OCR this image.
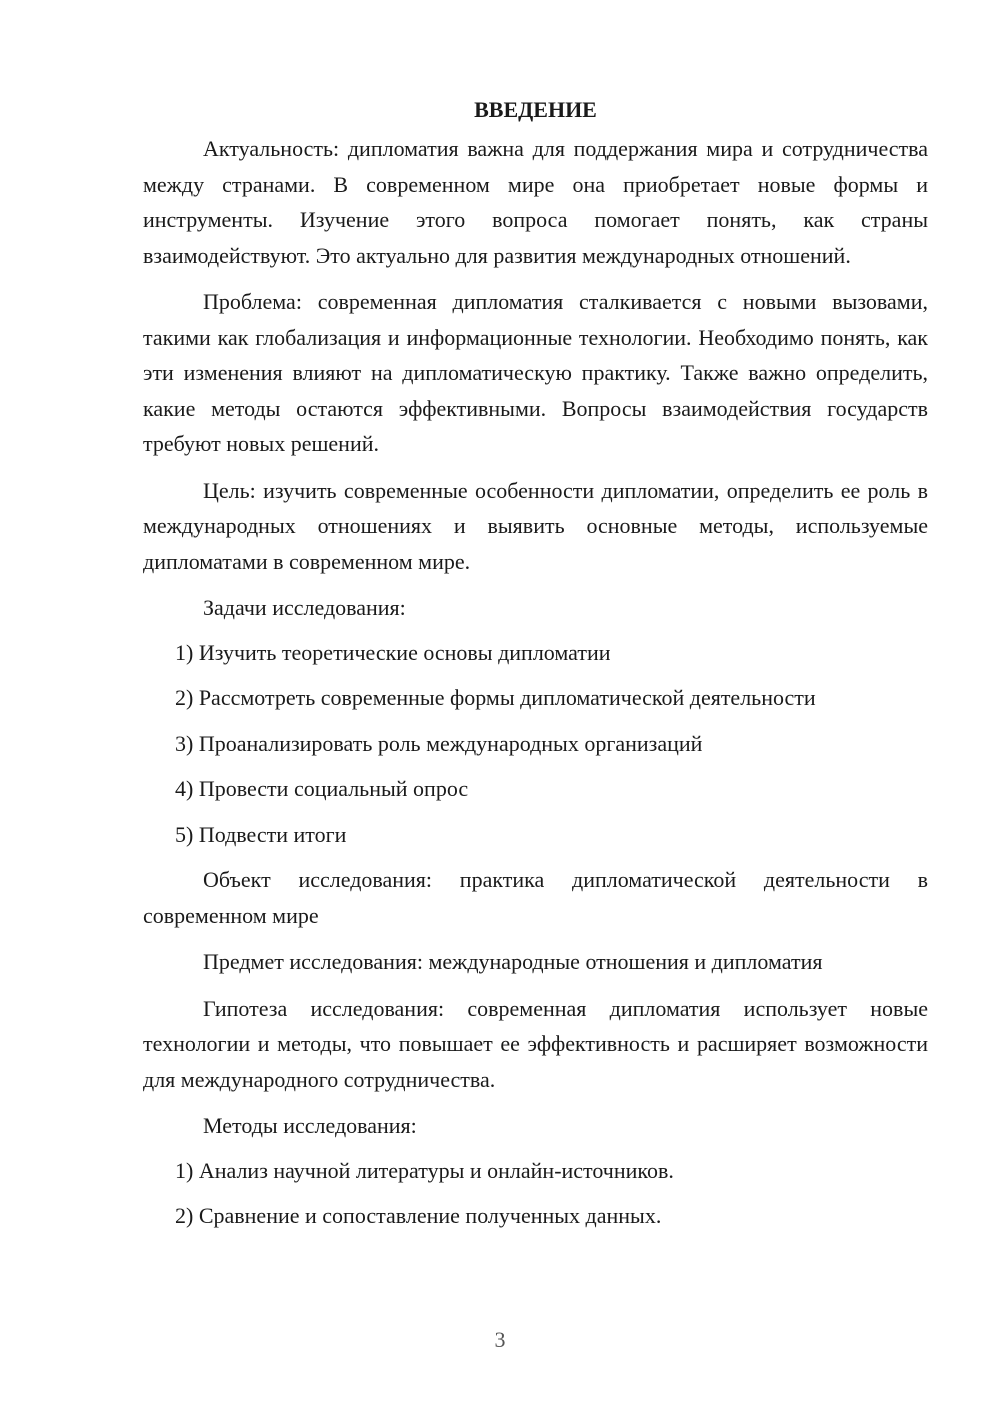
ВВЕДЕНИЕ

Актуальность: дипломатия важна для поддержания мира и сотрудничества между странами. В современном мире она приобретает новые формы и инструменты. Изучение этого вопроса помогает понять, как страны взаимодействуют. Это актуально для развития международных отношений.

Проблема: современная дипломатия сталкивается с новыми вызовами, такими как глобализация и информационные технологии. Необходимо понять, как эти изменения влияют на дипломатическую практику. Также важно определить, какие методы остаются эффективными. Вопросы взаимодействия государств требуют новых решений.

Цель: изучить современные особенности дипломатии, определить ее роль в международных отношениях и выявить основные методы, используемые дипломатами в современном мире.

Задачи исследования:

1) Изучить теоретические основы дипломатии
2) Рассмотреть современные формы дипломатической деятельности
3) Проанализировать роль международных организаций
4) Провести социальный опрос
5) Подвести итоги

Объект исследования: практика дипломатической деятельности в современном мире

Предмет исследования: международные отношения и дипломатия

Гипотеза исследования: современная дипломатия использует новые технологии и методы, что повышает ее эффективность и расширяет возможности для международного сотрудничества.

Методы исследования:

1) Анализ научной литературы и онлайн-источников.
2) Сравнение и сопоставление полученных данных.
3
